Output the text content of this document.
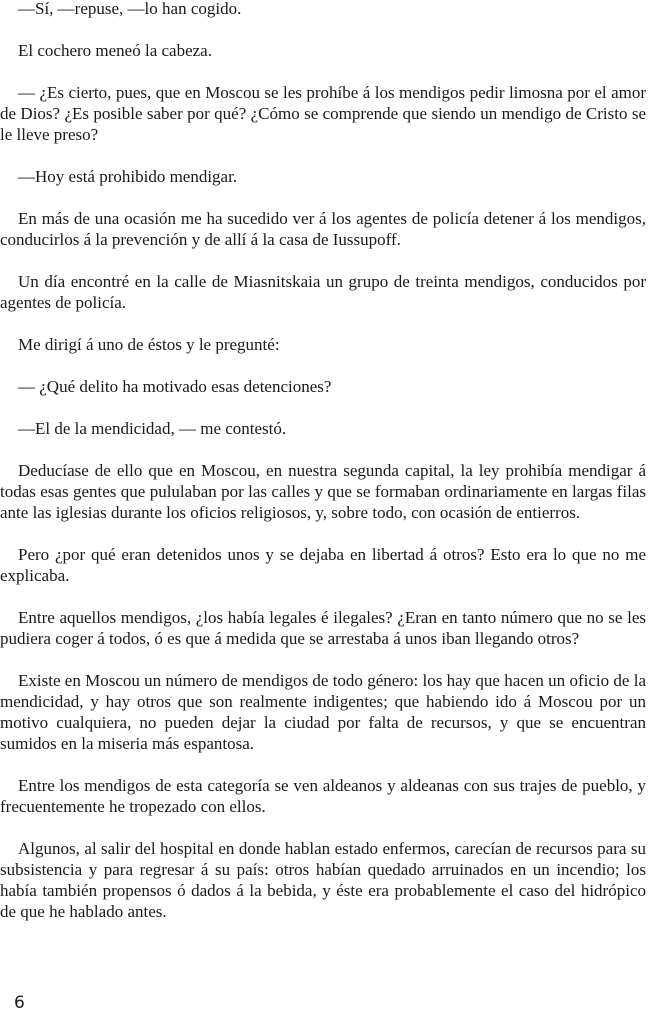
—Sí, —repuse, —lo han cogido.

El cochero meneó la cabeza.

— ¿Es cierto, pues, que en Moscou se les prohíbe á los mendigos pedir limosna por el amor de Dios? ¿Es posible saber por qué? ¿Cómo se comprende que siendo un mendigo de Cristo se le lleve preso?

—Hoy está prohibido mendigar.

En más de una ocasión me ha sucedido ver á los agentes de policía detener á los mendigos, conducirlos á la prevención y de allí á la casa de Iussupoff.

Un día encontré en la calle de Miasnitskaia un grupo de treinta mendigos, conducidos por agentes de policía.

Me dirigí á uno de éstos y le pregunté:

— ¿Qué delito ha motivado esas detenciones?

—El de la mendicidad, — me contestó.

Deducíase de ello que en Moscou, en nuestra segunda capital, la ley prohibía mendigar á todas esas gentes que pululaban por las calles y que se formaban ordinariamente en largas filas ante las iglesias durante los oficios religiosos, y, sobre todo, con ocasión de entierros.

Pero ¿por qué eran detenidos unos y se dejaba en libertad á otros? Esto era lo que no me explicaba.

Entre aquellos mendigos, ¿los había legales é ilegales? ¿Eran en tanto número que no se les pudiera coger á todos, ó es que á medida que se arrestaba á unos iban llegando otros?

Existe en Moscou un número de mendigos de todo género: los hay que hacen un oficio de la mendicidad, y hay otros que son realmente indigentes; que habiendo ido á Moscou por un motivo cualquiera, no pueden dejar la ciudad por falta de recursos, y que se encuentran sumidos en la miseria más espantosa.

Entre los mendigos de esta categoría se ven aldeanos y aldeanas con sus trajes de pueblo, y frecuentemente he tropezado con ellos.

Algunos, al salir del hospital en donde hablan estado enfermos, carecían de recursos para su subsistencia y para regresar á su país: otros habían quedado arruinados en un incendio; los había también propensos ó dados á la bebida, y éste era probablemente el caso del hidrópico de que he hablado antes.

6
